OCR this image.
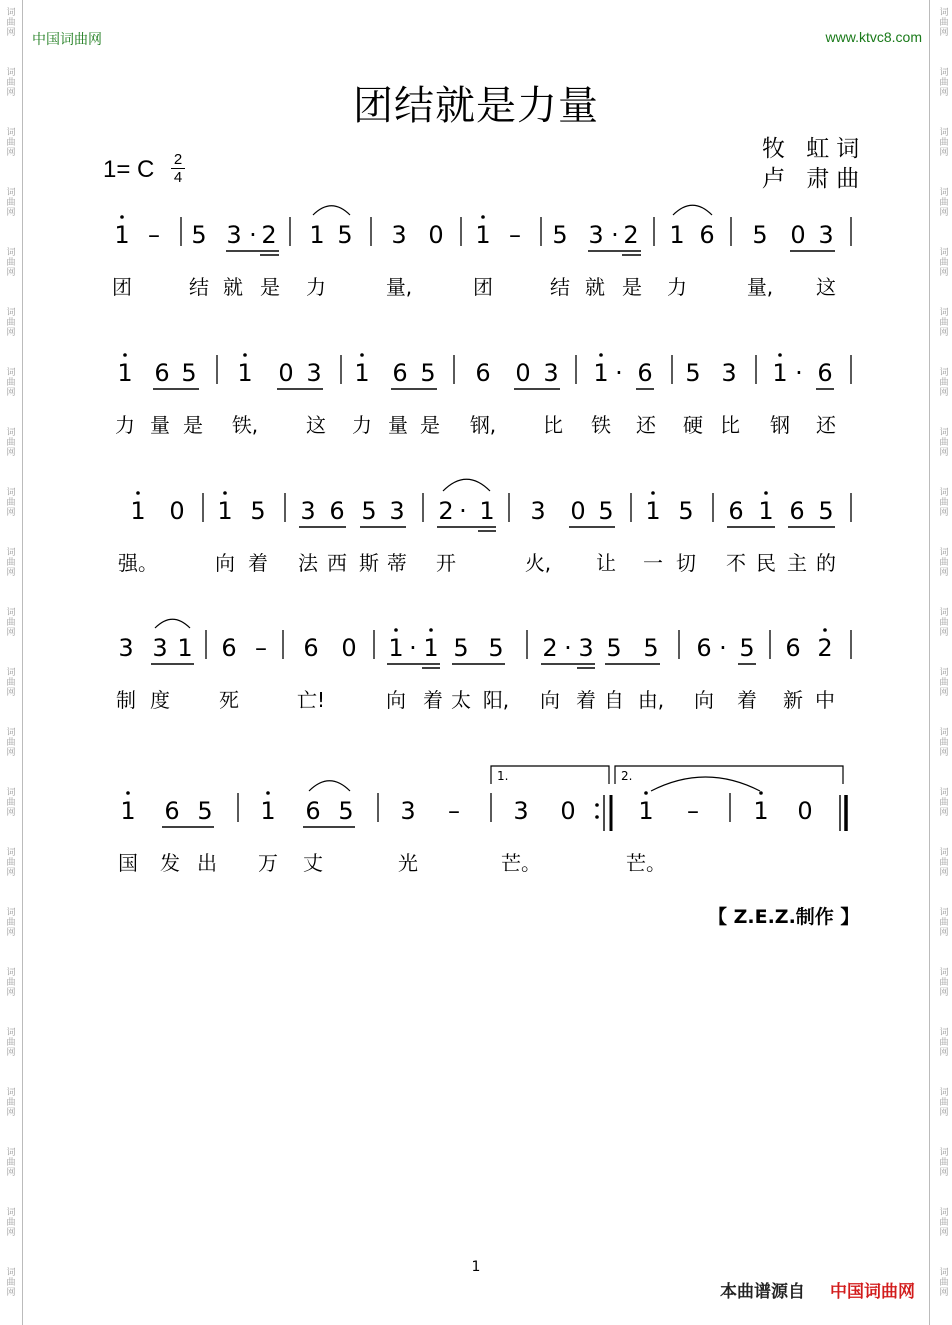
中国词曲网	www.ktvc8.com
团结就是力量
1= C 2
4
牧 虹词
卢 肃曲
1 – 5 3 · 2 1 5 3 0 1 – 5 3 · 2 1 6 5 0 3
团	结 就 是 力	量,	团	结 就 是 力	量, 这
1 6 5 1 0 3 1 6 5 6 0 3 1 · 6 5 3 1 · 6
力 量 是 铁, 这 力 量 是 钢, 比 铁 还 硬 比 钢 还
1 0 1 5 3 6 5 3 2 · 1 3 0 5 1 5 6 1 6 5
强。	向 着 法 西 斯 蒂 开	火, 让 一 切 不 民 主 的
3 3 1 6 – 6 0 1 · 1 5 5 2 · 3 5 5 6 · 5 6 2
制 度 死	亡!	向 着 太 阳, 向 着 自 由, 向 着 新 中
1 6 5 1 6 5 3 – 3 0	1 – 1 0
国 发 出 万 丈	光	芒。	芒。
1.	2.
【 Z.E.Z.制作 】
1
本曲谱源自 中国词曲网
词
曲
网
词
曲
网
词
曲
网
词
曲
网
词
曲
网
词
曲
网
词
曲
网
词
曲
网
词
曲
网
词
曲
网
词
曲
网
词
曲
网
词
曲
网
词
曲
网
词
曲
网
词
曲
网
词
曲
网
词
曲
网
词
曲
网
词
曲
网
词
曲
网
词
曲
网
词
曲
网
词
曲
网
词
曲
网
词
曲
网
词
曲
网
词
曲
网
词
曲
网
词
曲
网
词
曲
网
词
曲
网
词
曲
网
词
曲
网
词
曲
网
词
曲
网
词
曲
网
词
曲
网
词
曲
网
词
曲
网
词
曲
网
词
曲
网
词
曲
网
词
曲
网
